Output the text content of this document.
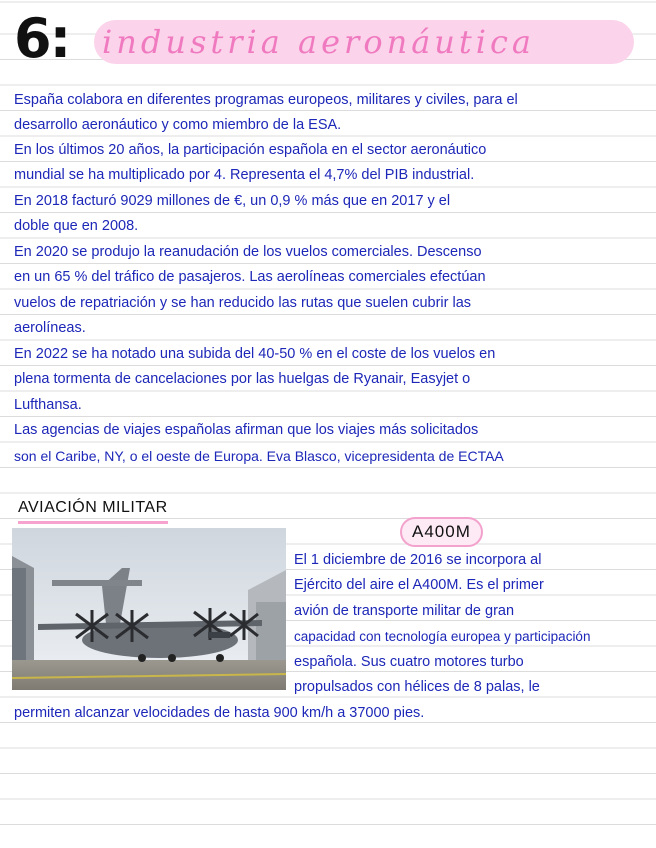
6: industria aeronáutica

España colabora en diferentes programas europeos, militares y civiles, para el

desarrollo aeronáutico y como miembro de la ESA.

En los últimos 20 años, la participación española en el sector aeronáutico

mundial se ha multiplicado por 4. Representa el 4,7% del PIB industrial.

En 2018 facturó 9029 millones de €, un 0,9 % más que en 2017 y el

doble que en 2008.

En 2020 se produjo la reanudación de los vuelos comerciales. Descenso

en un 65 % del tráfico de pasajeros. Las aerolíneas comerciales efectúan

vuelos de repatriación y se han reducido las rutas que suelen cubrir las

aerolíneas.

En 2022 se ha notado una subida del 40-50 % en el coste de los vuelos en

plena tormenta de cancelaciones por las huelgas de Ryanair, Easyjet o

Lufthansa.

Las agencias de viajes españolas afirman que los viajes más solicitados

son el Caribe, NY, o el oeste de Europa. Eva Blasco, vicepresidenta de ECTAA

AVIACIÓN MILITAR
A400M

El 1 diciembre de 2016 se incorpora al

Ejército del aire el A400M. Es el primer

avión de transporte militar de gran

capacidad con tecnología europea y participación

española. Sus cuatro motores turbo

propulsados con hélices de 8 palas, le

permiten alcanzar velocidades de hasta 900 km/h a 37000 pies.
